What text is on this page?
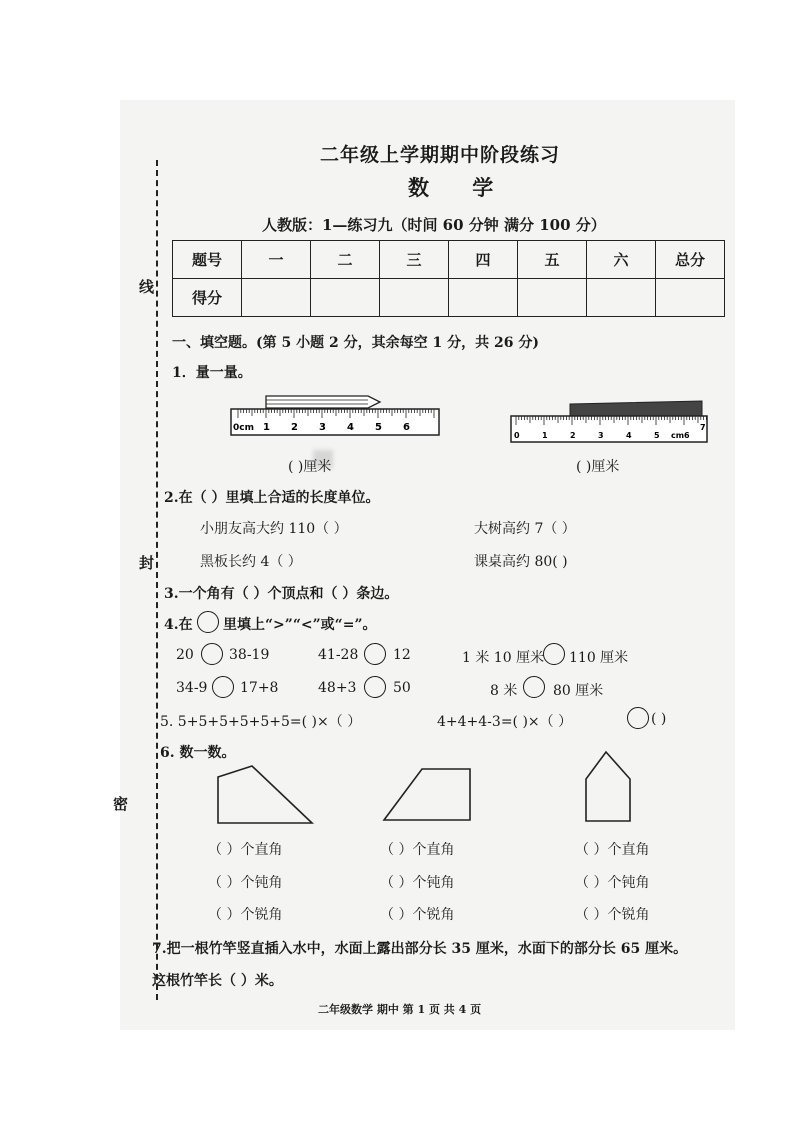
线
封
密
二年级上学期期中阶段练习
数 学
人教版：1—练习九（时间 60 分钟 满分 100 分）
题号	一	二	三	四	五	六	总分
得分							
一、填空题。(第 5 小题 2 分，其余每空 1 分，共 26 分)
1．量一量。
0cm 1 2 3 4 5 6
0	1	2	3	4	5 cm 6
7
( )厘米	( )厘米
2.在（ ）里填上合适的长度单位。
小朋友高大约 110（ ）	大树高约 7（ ）
黑板长约 4（ ）	课桌高约 80( )
3.一个角有（ ）个顶点和（ ）条边。
4.在 里填上“>”“<”或“=”。
20	38-19	41-28 12	1 米 10 厘米 110 厘米
34-9 17+8	48+3	50	8 米	80 厘米
5. 5+5+5+5+5+5=( )×（ ）	4+4+4-3=( )×（ ）	( )
6. 数一数。
（ ）个直角	（ ）个直角	（ ）个直角
（ ）个钝角	（ ）个钝角	（ ）个钝角
（ ）个锐角	（ ）个锐角	（ ）个锐角
7.把一根竹竿竖直插入水中，水面上露出部分长 35 厘米，水面下的部分长 65 厘米。
这根竹竿长（ ）米。
二年级数学 期中 第 1 页 共 4 页
